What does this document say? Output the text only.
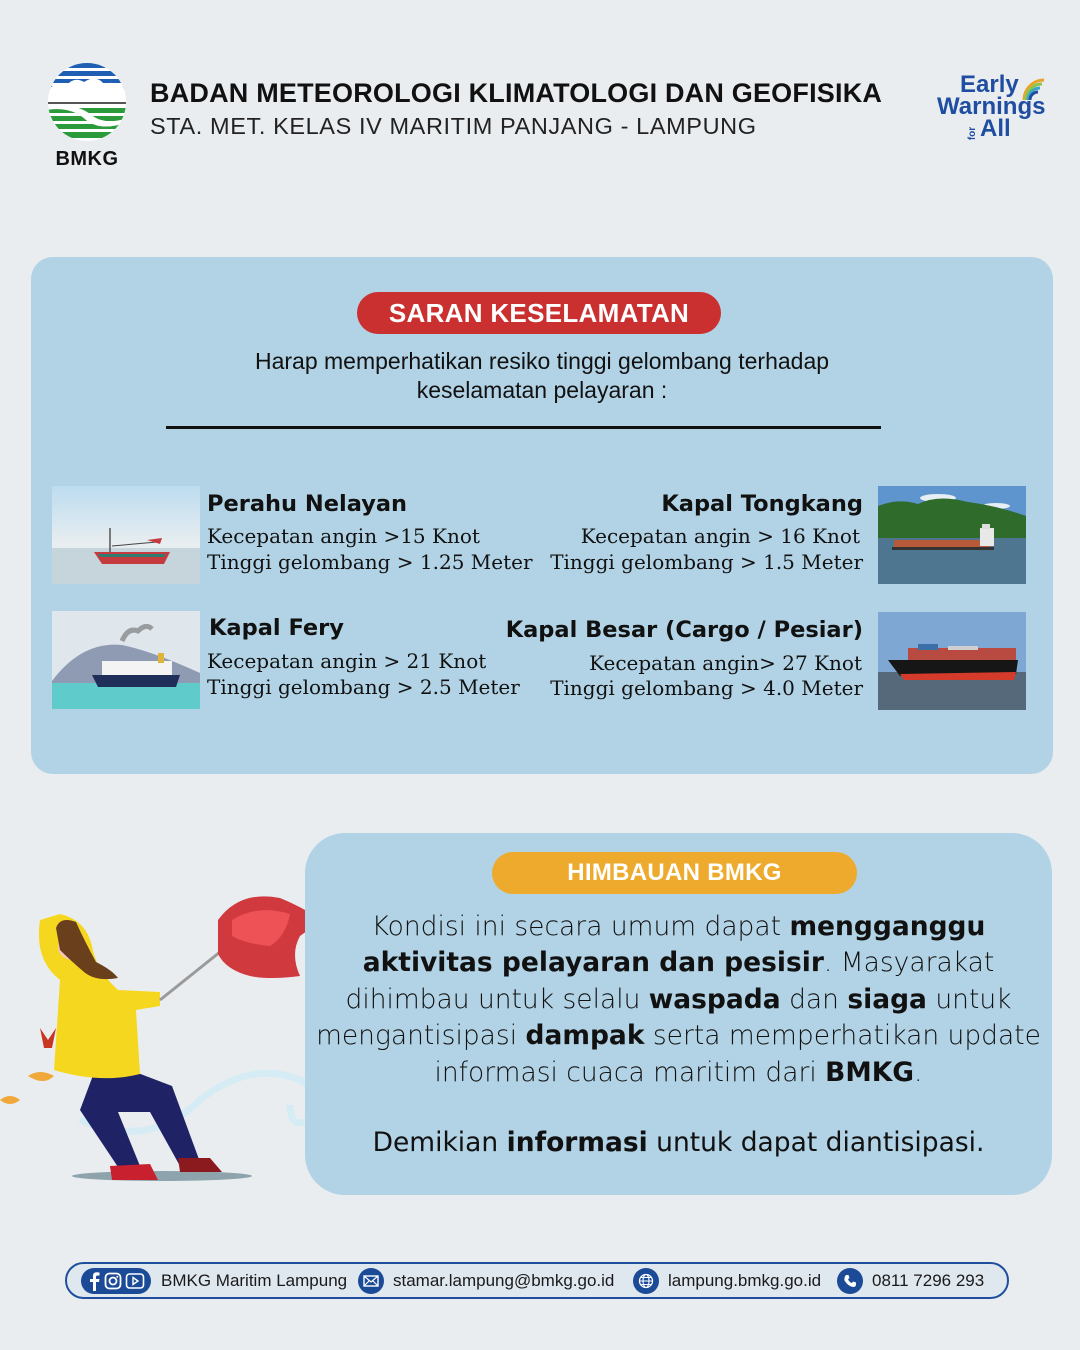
BMKG
BADAN METEOROLOGI KLIMATOLOGI DAN GEOFISIKA
STA. MET. KELAS IV MARITIM PANJANG - LAMPUNG
Early
Warnings
for All
SARAN KESELAMATAN
Harap memperhatikan resiko tinggi gelombang terhadap
keselamatan pelayaran :
Perahu Nelayan
Kecepatan angin >15 Knot
Tinggi gelombang > 1.25 Meter
Kapal Tongkang
Kecepatan angin > 16 Knot
Tinggi gelombang > 1.5 Meter
Kapal Fery
Kecepatan angin > 21 Knot
Tinggi gelombang > 2.5 Meter
Kapal Besar (Cargo / Pesiar)
Kecepatan angin> 27 Knot
Tinggi gelombang > 4.0 Meter
HIMBAUAN BMKG
Kondisi ini secara umum dapat mengganggu aktivitas pelayaran dan pesisir. Masyarakat dihimbau untuk selalu waspada dan siaga untuk mengantisipasi dampak serta memperhatikan update informasi cuaca maritim dari BMKG.
Demikian informasi untuk dapat diantisipasi.
BMKG Maritim Lampung	stamar.lampung@bmkg.go.id	lampung.bmkg.go.id	0811 7296 293
